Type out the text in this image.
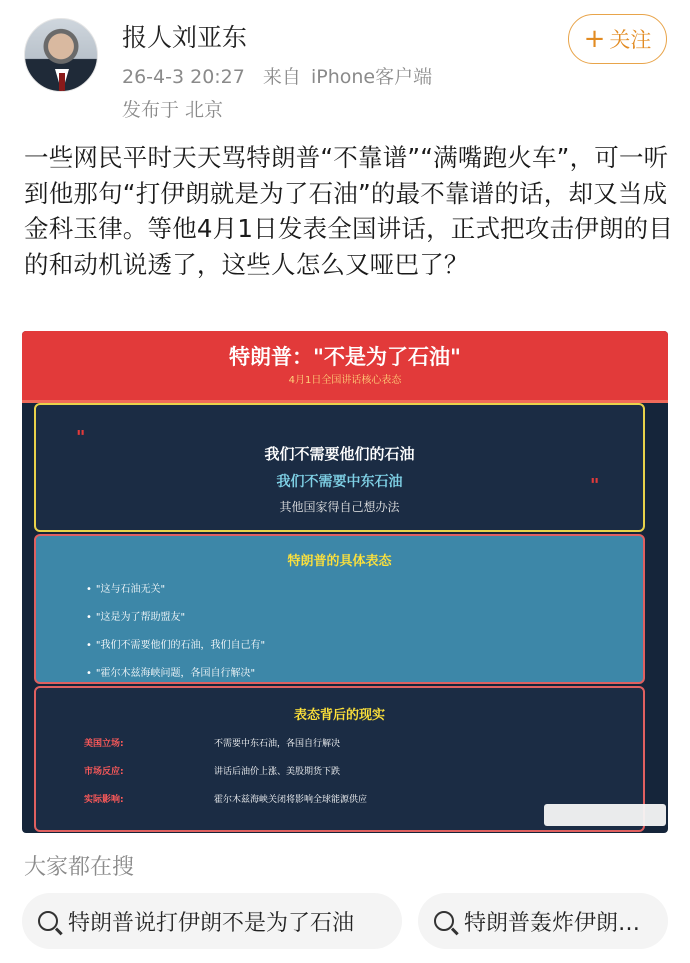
报人刘亚东
26-4-3 20:27 来自 iPhone客户端
发布于 北京
+ 关注
一些网民平时天天骂特朗普“不靠谱”“满嘴跑火车”，可一听到他那句“打伊朗就是为了石油”的最不靠谱的话，却又当成金科玉律。等他4月1日发表全国讲话，正式把攻击伊朗的目的和动机说透了，这些人怎么又哑巴了？
特朗普："不是为了石油"
4月1日全国讲话核心表态
"
"
我们不需要他们的石油
我们不需要中东石油
其他国家得自己想办法
特朗普的具体表态
• "这与石油无关"
• "这是为了帮助盟友"
• "我们不需要他们的石油，我们自己有"
• "霍尔木兹海峡问题，各国自行解决"
表态背后的现实
美国立场:	不需要中东石油，各国自行解决
市场反应:	讲话后油价上涨、美股期货下跌
实际影响:	霍尔木兹海峡关闭将影响全球能源供应
大家都在搜
特朗普说打伊朗不是为了石油	特朗普轰炸伊朗…
